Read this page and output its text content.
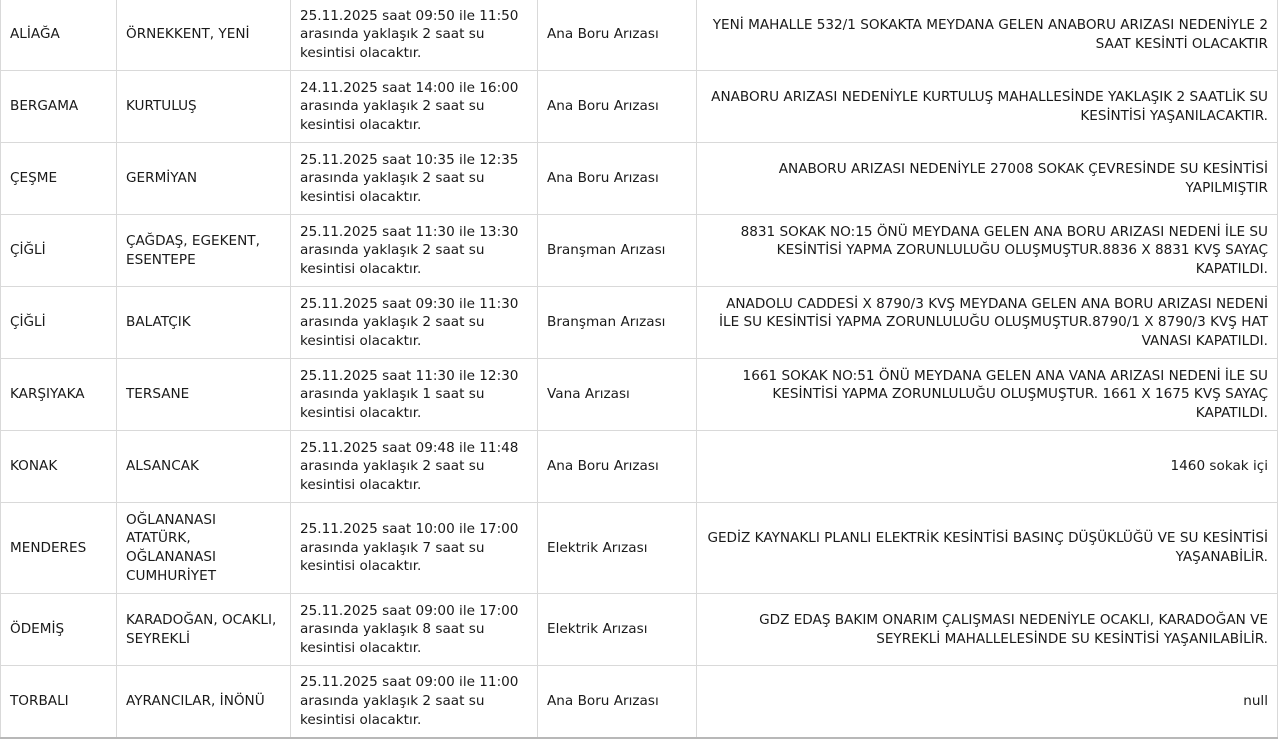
ALİAĞA	ÖRNEKKENT, YENİ	25.11.2025 saat 09:50 ile 11:50 arasında yaklaşık 2 saat su kesintisi olacaktır.	Ana Boru Arızası	YENİ MAHALLE 532/1 SOKAKTA MEYDANA GELEN ANABORU ARIZASI NEDENİYLE 2 SAAT KESİNTİ OLACAKTIR
BERGAMA	KURTULUŞ	24.11.2025 saat 14:00 ile 16:00 arasında yaklaşık 2 saat su kesintisi olacaktır.	Ana Boru Arızası	ANABORU ARIZASI NEDENİYLE KURTULUŞ MAHALLESİNDE YAKLAŞIK 2 SAATLİK SU KESİNTİSİ YAŞANILACAKTIR.
ÇEŞME	GERMİYAN	25.11.2025 saat 10:35 ile 12:35 arasında yaklaşık 2 saat su kesintisi olacaktır.	Ana Boru Arızası	ANABORU ARIZASI NEDENİYLE 27008 SOKAK ÇEVRESİNDE SU KESİNTİSİ YAPILMIŞTIR
ÇİĞLİ	ÇAĞDAŞ, EGEKENT, ESENTEPE	25.11.2025 saat 11:30 ile 13:30 arasında yaklaşık 2 saat su kesintisi olacaktır.	Branşman Arızası	8831 SOKAK NO:15 ÖNÜ MEYDANA GELEN ANA BORU ARIZASI NEDENİ İLE SU KESİNTİSİ YAPMA ZORUNLULUĞU OLUŞMUŞTUR.8836 X 8831 KVŞ SAYAÇ KAPATILDI.
ÇİĞLİ	BALATÇIK	25.11.2025 saat 09:30 ile 11:30 arasında yaklaşık 2 saat su kesintisi olacaktır.	Branşman Arızası	ANADOLU CADDESİ X 8790/3 KVŞ MEYDANA GELEN ANA BORU ARIZASI NEDENİ İLE SU KESİNTİSİ YAPMA ZORUNLULUĞU OLUŞMUŞTUR.8790/1 X 8790/3 KVŞ HAT VANASI KAPATILDI.
KARŞIYAKA	TERSANE	25.11.2025 saat 11:30 ile 12:30 arasında yaklaşık 1 saat su kesintisi olacaktır.	Vana Arızası	1661 SOKAK NO:51 ÖNÜ MEYDANA GELEN ANA VANA ARIZASI NEDENİ İLE SU KESİNTİSİ YAPMA ZORUNLULUĞU OLUŞMUŞTUR. 1661 X 1675 KVŞ SAYAÇ KAPATILDI.
KONAK	ALSANCAK	25.11.2025 saat 09:48 ile 11:48 arasında yaklaşık 2 saat su kesintisi olacaktır.	Ana Boru Arızası	1460 sokak içi
MENDERES	OĞLANANASI ATATÜRK, OĞLANANASI CUMHURİYET	25.11.2025 saat 10:00 ile 17:00 arasında yaklaşık 7 saat su kesintisi olacaktır.	Elektrik Arızası	GEDİZ KAYNAKLI PLANLI ELEKTRİK KESİNTİSİ BASINÇ DÜŞÜKLÜĞÜ VE SU KESİNTİSİ YAŞANABİLİR.
ÖDEMİŞ	KARADOĞAN, OCAKLI, SEYREKLİ	25.11.2025 saat 09:00 ile 17:00 arasında yaklaşık 8 saat su kesintisi olacaktır.	Elektrik Arızası	GDZ EDAŞ BAKIM ONARIM ÇALIŞMASI NEDENİYLE OCAKLI, KARADOĞAN VE SEYREKLİ MAHALLELESİNDE SU KESİNTİSİ YAŞANILABİLİR.
TORBALI	AYRANCILAR, İNÖNÜ	25.11.2025 saat 09:00 ile 11:00 arasında yaklaşık 2 saat su kesintisi olacaktır.	Ana Boru Arızası	null
